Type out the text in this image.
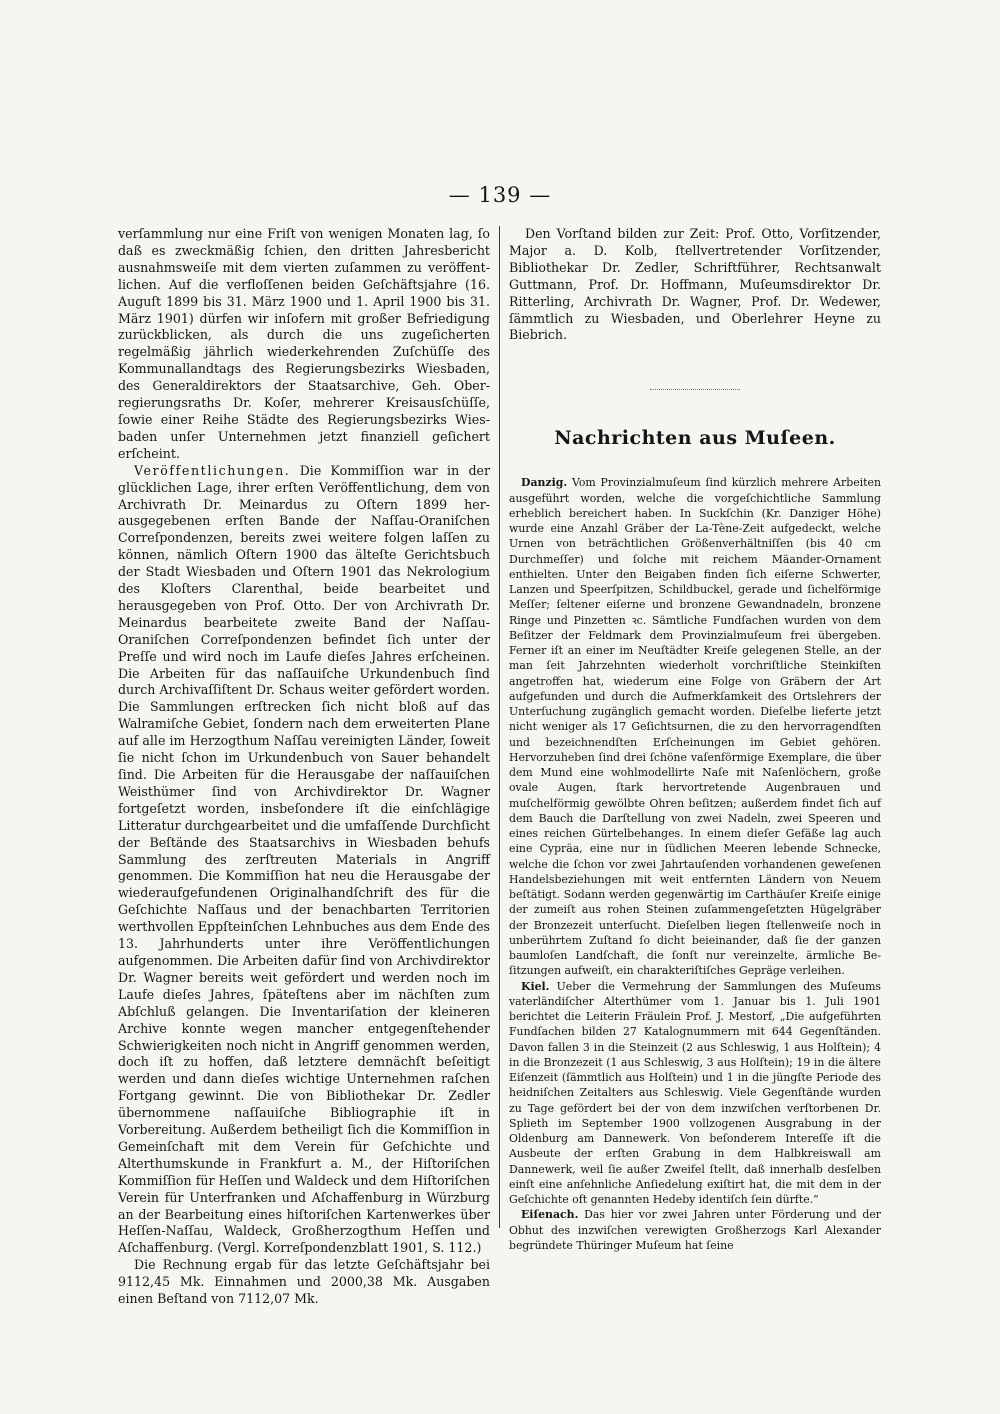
— 139 —

verſammlung nur eine Friſt von wenigen Monaten lag, ſo daß es zweckmäßig ſchien, den dritten Jahresbericht ausnahmsweiſe mit dem vierten zuſammen zu veröffentlichen. Auf die verfloſſenen beiden Geſchäftsjahre (16. Auguſt 1899 bis 31. März 1900 und 1. April 1900 bis 31. März 1901) dürfen wir inſofern mit großer Befriedigung zurückblicken, als durch die uns zugeſicherten regelmäßig jährlich wiederkehrenden Zuſchüſſe des Kommunallandtags des Regierungsbezirks Wiesbaden, des Generaldirektors der Staatsarchive, Geh. Oberregierungsraths Dr. Koſer, mehrerer Kreisausſchüſſe, ſowie einer Reihe Städte des Regierungsbezirks Wiesbaden unſer Unternehmen jetzt finanziell geſichert erſcheint.

Veröffentlichungen. Die Kommiſſion war in der glücklichen Lage, ihrer erſten Veröffentlichung, dem von Archivrath Dr. Meinardus zu Oſtern 1899 herausgegebenen erſten Bande der Naſſau-Oraniſchen Correſpondenzen, bereits zwei weitere folgen laſſen zu können, nämlich Oſtern 1900 das älteſte Gerichtsbuch der Stadt Wiesbaden und Oſtern 1901 das Nekrologium des Kloſters Clarenthal, beide bearbeitet und herausgegeben von Prof. Otto. Der von Archivrath Dr. Meinardus bearbeitete zweite Band der Naſſau-Oraniſchen Correſpondenzen befindet ſich unter der Preſſe und wird noch im Laufe dieſes Jahres erſcheinen. Die Arbeiten für das naſſauiſche Urkundenbuch ſind durch Archivaſſiſtent Dr. Schaus weiter gefördert worden. Die Sammlungen erſtrecken ſich nicht bloß auf das Walramiſche Gebiet, ſondern nach dem erweiterten Plane auf alle im Herzogthum Naſſau vereinigten Länder, ſoweit ſie nicht ſchon im Urkundenbuch von Sauer behandelt ſind. Die Arbeiten für die Herausgabe der naſſauiſchen Weisthümer ſind von Archivdirektor Dr. Wagner fortgeſetzt worden, insbeſondere iſt die einſchlägige Litteratur durchgearbeitet und die umfaſſende Durchſicht der Beſtände des Staatsarchivs in Wiesbaden behufs Sammlung des zerſtreuten Materials in Angriff genommen. Die Kommiſſion hat neu die Herausgabe der wiederaufgefundenen Originalhandſchrift des für die Geſchichte Naſſaus und der benachbarten Territorien werthvollen Eppſteinſchen Lehnbuches aus dem Ende des 13. Jahrhunderts unter ihre Veröffentlichungen aufgenommen. Die Arbeiten dafür ſind von Archivdirektor Dr. Wagner bereits weit gefördert und werden noch im Laufe dieſes Jahres, ſpäteſtens aber im nächſten zum Abſchluß gelangen. Die Inventariſation der kleineren Archive konnte wegen mancher entgegenſtehender Schwierigkeiten noch nicht in Angriff genommen werden, doch iſt zu hoffen, daß letztere demnächſt beſeitigt werden und dann dieſes wichtige Unternehmen raſchen Fortgang gewinnt. Die von Bibliothekar Dr. Zedler übernommene naſſauiſche Bibliographie iſt in Vorbereitung. Außerdem betheiligt ſich die Kommiſſion in Gemeinſchaft mit dem Verein für Geſchichte und Alterthumskunde in Frankfurt a. M., der Hiſtoriſchen Kommiſſion für Heſſen und Waldeck und dem Hiſtoriſchen Verein für Unterfranken und Aſchaffenburg in Würzburg an der Bearbeitung eines hiſtoriſchen Kartenwerkes über Heſſen-Naſſau, Waldeck, Großherzogthum Heſſen und Aſchaffenburg. (Vergl. Korreſpondenzblatt 1901, S. 112.)

Die Rechnung ergab für das letzte Geſchäftsjahr bei 9112,45 Mk. Einnahmen und 2000,38 Mk. Ausgaben einen Beſtand von 7112,07 Mk.

Den Vorſtand bilden zur Zeit: Prof. Otto, Vorſitzender, Major a. D. Kolb, ſtellvertretender Vorſitzender, Bibliothekar Dr. Zedler, Schriftführer, Rechtsanwalt Guttmann, Prof. Dr. Hoffmann, Muſeumsdirektor Dr. Ritterling, Archivrath Dr. Wagner, Prof. Dr. Wedewer, ſämmtlich zu Wiesbaden, und Oberlehrer Heyne zu Biebrich.

Nachrichten aus Muſeen.

Danzig. Vom Provinzialmuſeum ſind kürzlich mehrere Arbeiten ausgeführt worden, welche die vorgeſchichtliche Sammlung erheblich bereichert haben. In Suckſchin (Kr. Danziger Höhe) wurde eine Anzahl Gräber der La-Tène-Zeit aufgedeckt, welche Urnen von beträchtlichen Größenverhältniſſen (bis 40 cm Durchmeſſer) und ſolche mit reichem Mäander-Ornament enthielten. Unter den Beigaben finden ſich eiſerne Schwerter, Lanzen und Speerſpitzen, Schildbuckel, gerade und ſichelförmige Meſſer; ſeltener eiſerne und bronzene Gewandnadeln, bronzene Ringe und Pinzetten ꝛc. Sämtliche Fundſachen wurden von dem Beſitzer der Feldmark dem Provinzialmuſeum frei übergeben. Ferner iſt an einer im Neuſtädter Kreiſe gelegenen Stelle, an der man ſeit Jahrzehnten wiederholt vorchriſtliche Steinkiſten angetroffen hat, wiederum eine Folge von Gräbern der Art aufgefunden und durch die Aufmerkſamkeit des Ortslehrers der Unterſuchung zugänglich gemacht worden. Dieſelbe lieferte jetzt nicht weniger als 17 Geſichtsurnen, die zu den hervorragendſten und bezeichnendſten Erſcheinungen im Gebiet gehören. Hervorzuheben ſind drei ſchöne vaſenförmige Exemplare, die über dem Mund eine wohlmodellirte Naſe mit Naſenlöchern, große ovale Augen, ſtark hervortretende Augenbrauen und muſchelförmig gewölbte Ohren beſitzen; außerdem findet ſich auf dem Bauch die Darſtellung von zwei Nadeln, zwei Speeren und eines reichen Gürtelbehanges. In einem dieſer Gefäße lag auch eine Cypräa, eine nur in ſüdlichen Meeren lebende Schnecke, welche die ſchon vor zwei Jahrtauſenden vorhandenen geweſenen Handelsbeziehungen mit weit entfernten Ländern von Neuem beſtätigt. Sodann werden gegenwärtig im Carthäuſer Kreiſe einige der zumeiſt aus rohen Steinen zuſammengeſetzten Hügelgräber der Bronzezeit unterſucht. Dieſelben liegen ſtellenweiſe noch in unberührtem Zuſtand ſo dicht beieinander, daß ſie der ganzen baumloſen Landſchaft, die ſonſt nur vereinzelte, ärmliche Beſitzungen aufweiſt, ein charakteriſtiſches Gepräge verleihen.

Kiel. Ueber die Vermehrung der Sammlungen des Muſeums vaterländiſcher Alterthümer vom 1. Januar bis 1. Juli 1901 berichtet die Leiterin Fräulein Prof. J. Mestorf, „Die aufgeführten Fundſachen bilden 27 Katalognummern mit 644 Gegenſtänden. Davon fallen 3 in die Steinzeit (2 aus Schleswig, 1 aus Holſtein); 4 in die Bronzezeit (1 aus Schleswig, 3 aus Holſtein); 19 in die ältere Eiſenzeit (ſämmtlich aus Holſtein) und 1 in die jüngſte Periode des heidniſchen Zeitalters aus Schleswig. Viele Gegenſtände wurden zu Tage gefördert bei der von dem inzwiſchen verſtorbenen Dr. Splieth im September 1900 vollzogenen Ausgrabung in der Oldenburg am Dannewerk. Von beſonderem Intereſſe iſt die Ausbeute der erſten Grabung in dem Halbkreiswall am Dannewerk, weil ſie außer Zweifel ſtellt, daß innerhalb desſelben einſt eine anſehnliche Anſiedelung exiſtirt hat, die mit dem in der Geſchichte oft genannten Hedeby identiſch ſein dürfte.“

Eiſenach. Das hier vor zwei Jahren unter Förderung und der Obhut des inzwiſchen verewigten Großherzogs Karl Alexander begründete Thüringer Muſeum hat ſeine
